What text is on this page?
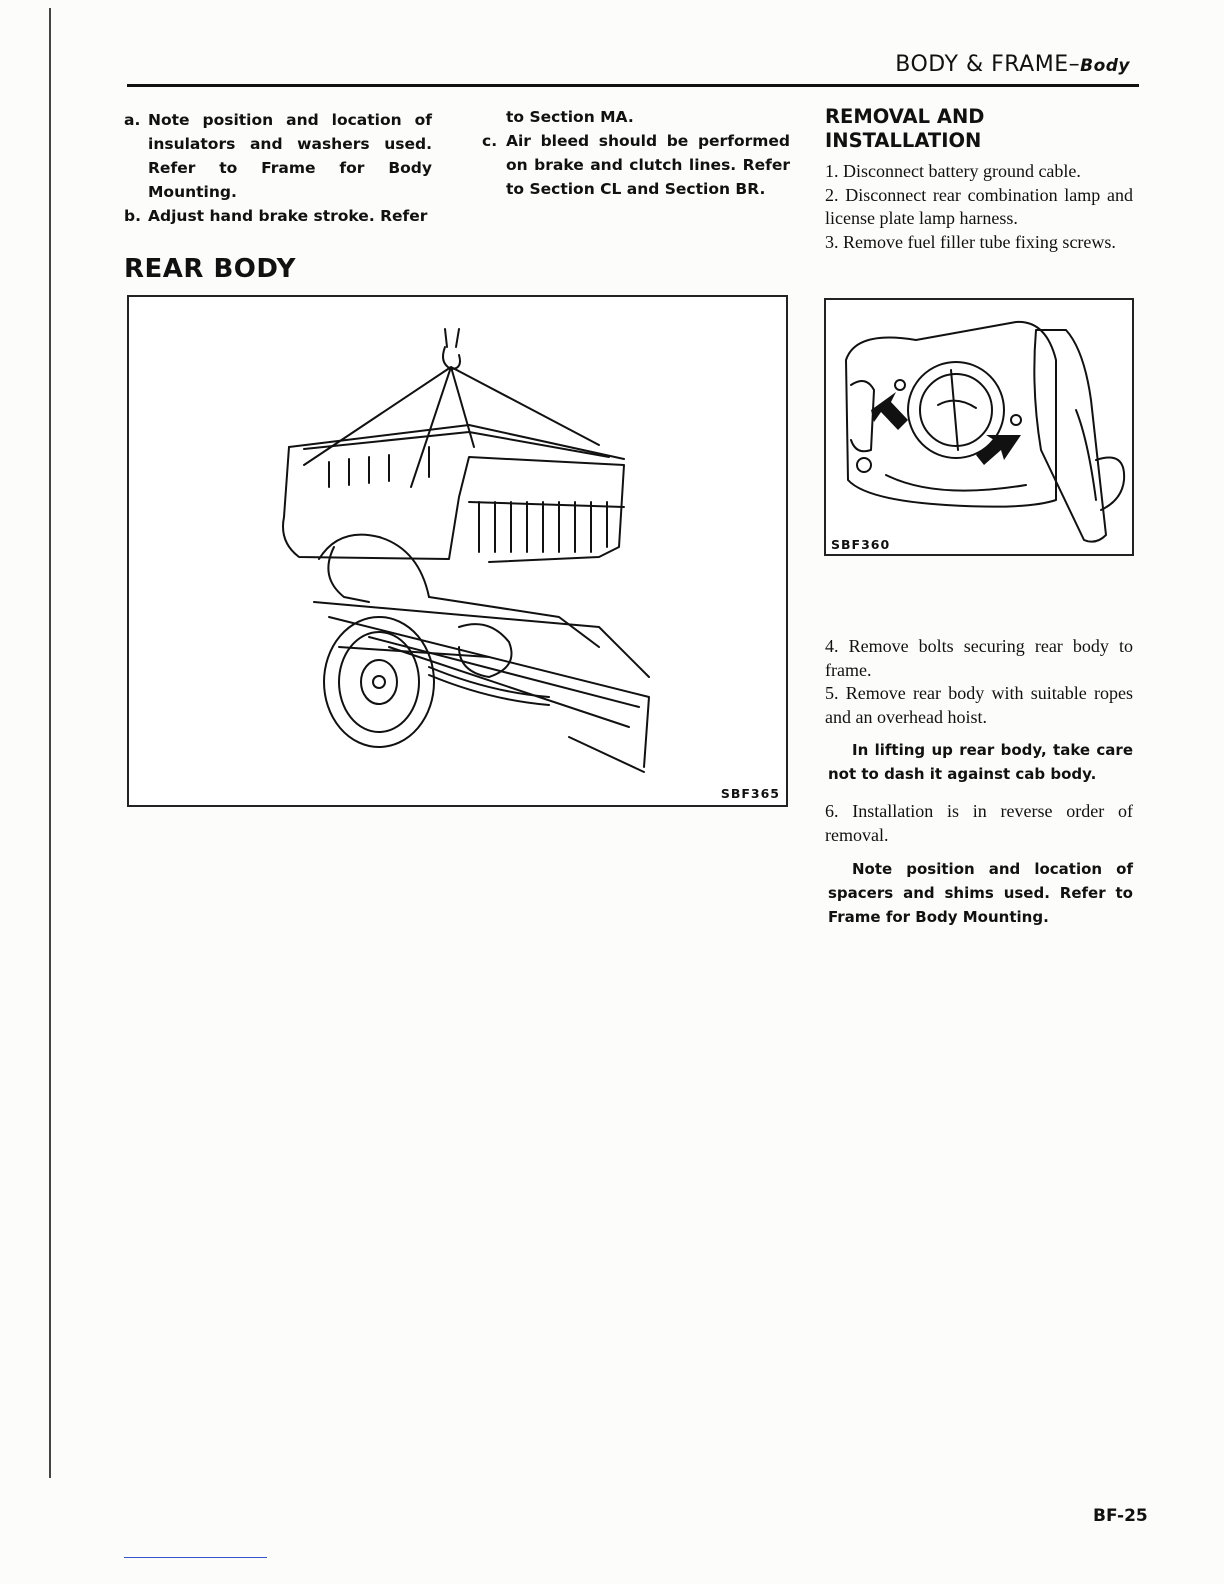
BODY & FRAME–Body
a. Note position and location of insulators and washers used. Refer to Frame for Body Mounting.
b. Adjust hand brake stroke. Refer
to Section MA.
c. Air bleed should be performed on brake and clutch lines. Refer to Section CL and Section BR.
REAR BODY
SBF365
REMOVAL AND INSTALLATION

1. Disconnect battery ground cable.

2. Disconnect rear combination lamp and license plate lamp harness.

3. Remove fuel filler tube fixing screws.

SBF360

4. Remove bolts securing rear body to frame.

5. Remove rear body with suitable ropes and an overhead hoist.

In lifting up rear body, take care not to dash it against cab body.

6. Installation is in reverse order of removal.

Note position and location of spacers and shims used. Refer to Frame for Body Mounting.

BF-25
